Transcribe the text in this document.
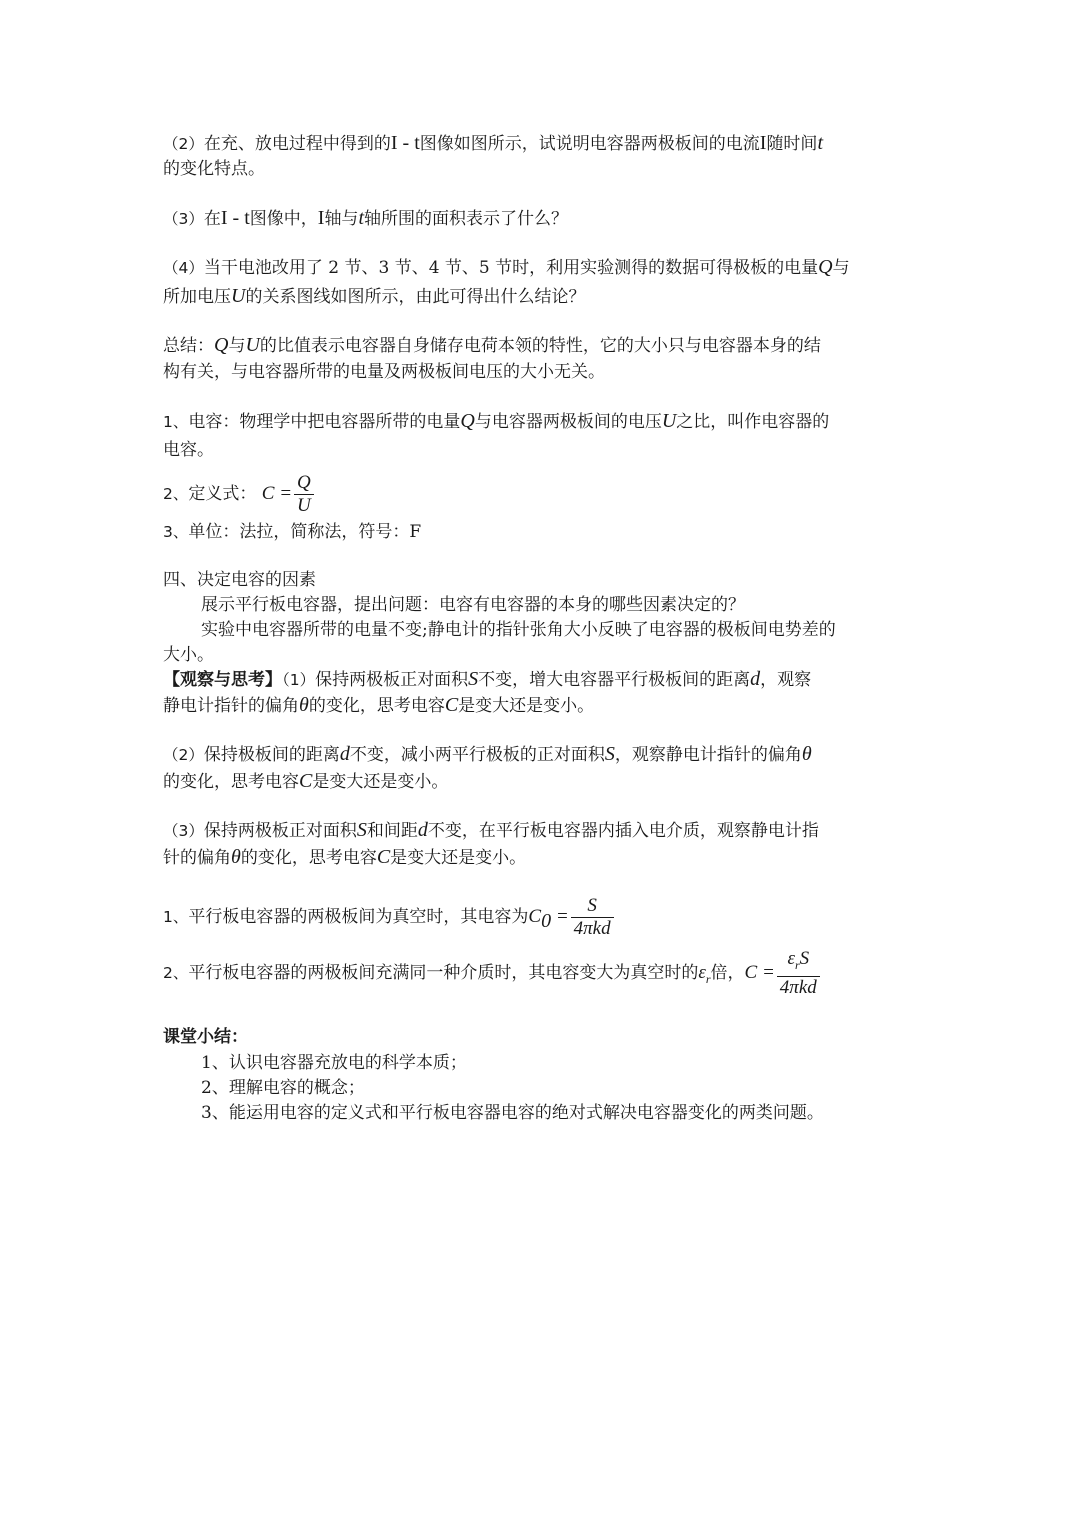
（2）在充、放电过程中得到的I - t图像如图所示，试说明电容器两极板间的电流I随时间t
的变化特点。
（3）在I - t图像中，I轴与t轴所围的面积表示了什么？
（4）当干电池改用了 2 节、3 节、4 节、5 节时，利用实验测得的数据可得极板的电量Q与
所加电压U的关系图线如图所示，由此可得出什么结论？
总结：Q与U的比值表示电容器自身储存电荷本领的特性，它的大小只与电容器本身的结
构有关，与电容器所带的电量及两极板间电压的大小无关。
1、电容：物理学中把电容器所带的电量Q与电容器两极板间的电压U之比，叫作电容器的
电容。
2、定义式： $C = \frac{Q}{U}$
3、单位：法拉，简称法，符号：F
四、决定电容的因素
展示平行板电容器，提出问题：电容有电容器的本身的哪些因素决定的？
实验中电容器所带的电量不变;静电计的指针张角大小反映了电容器的极板间电势差的
大小。
【观察与思考】（1）保持两极板正对面积S不变，增大电容器平行极板间的距离d，观察
静电计指针的偏角θ的变化，思考电容C是变大还是变小。
（2）保持极板间的距离d不变，减小两平行极板的正对面积S，观察静电计指针的偏角θ
的变化，思考电容C是变大还是变小。
（3）保持两极板正对面积S和间距d不变，在平行板电容器内插入电介质，观察静电计指
针的偏角θ的变化，思考电容C是变大还是变小。
1、平行板电容器的两极板间为真空时，其电容为$C_0 = \frac{S}{\text{4πkd}}$
2、平行板电容器的两极板间充满同一种介质时，其电容变大为真空时的$\varepsilon_r$倍，$C = \frac{\varepsilon_rS}{\text{4πkd}}$
课堂小结：
1、认识电容器充放电的科学本质；
2、理解电容的概念；
3、能运用电容的定义式和平行板电容器电容的绝对式解决电容器变化的两类问题。
